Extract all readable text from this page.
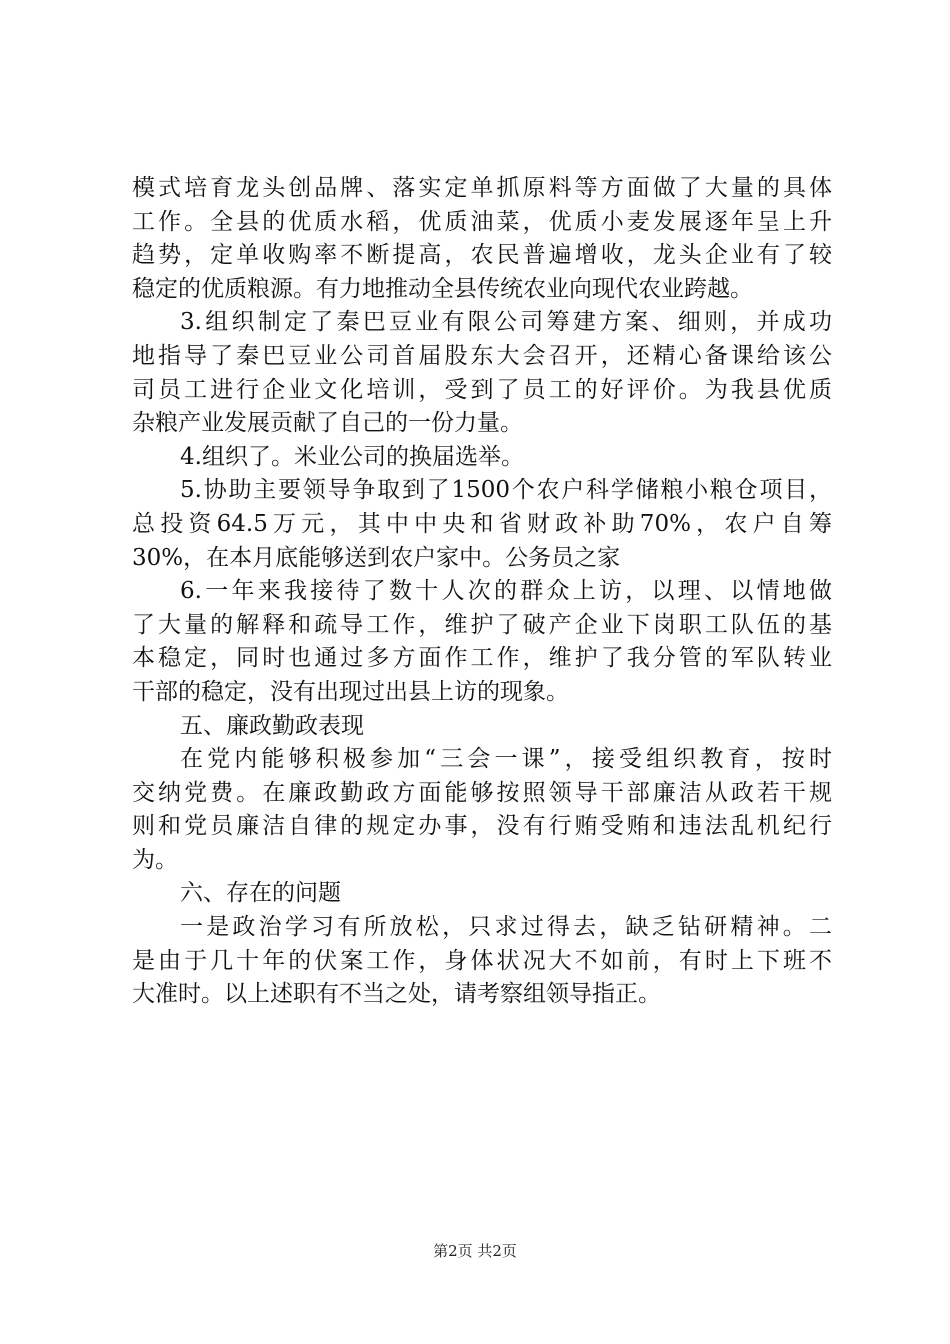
模式培育龙头创品牌、落实定单抓原料等方面做了大量的具体
工作。全县的优质水稻，优质油菜，优质小麦发展逐年呈上升
趋势，定单收购率不断提高，农民普遍增收，龙头企业有了较
稳定的优质粮源。有力地推动全县传统农业向现代农业跨越。
3.组织制定了秦巴豆业有限公司筹建方案、细则，并成功
地指导了秦巴豆业公司首届股东大会召开，还精心备课给该公
司员工进行企业文化培训，受到了员工的好评价。为我县优质
杂粮产业发展贡献了自己的一份力量。
4.组织了。米业公司的换届选举。
5.协助主要领导争取到了1500个农户科学储粮小粮仓项目，
总投资64.5万元，其中中央和省财政补助70%，农户自筹
30%，在本月底能够送到农户家中。公务员之家
6.一年来我接待了数十人次的群众上访，以理、以情地做
了大量的解释和疏导工作，维护了破产企业下岗职工队伍的基
本稳定，同时也通过多方面作工作，维护了我分管的军队转业
干部的稳定，没有出现过出县上访的现象。
五、廉政勤政表现
在党内能够积极参加“三会一课”，接受组织教育，按时
交纳党费。在廉政勤政方面能够按照领导干部廉洁从政若干规
则和党员廉洁自律的规定办事，没有行贿受贿和违法乱机纪行
为。
六、存在的问题
一是政治学习有所放松，只求过得去，缺乏钻研精神。二
是由于几十年的伏案工作，身体状况大不如前，有时上下班不
大准时。以上述职有不当之处，请考察组领导指正。
第2页 共2页
